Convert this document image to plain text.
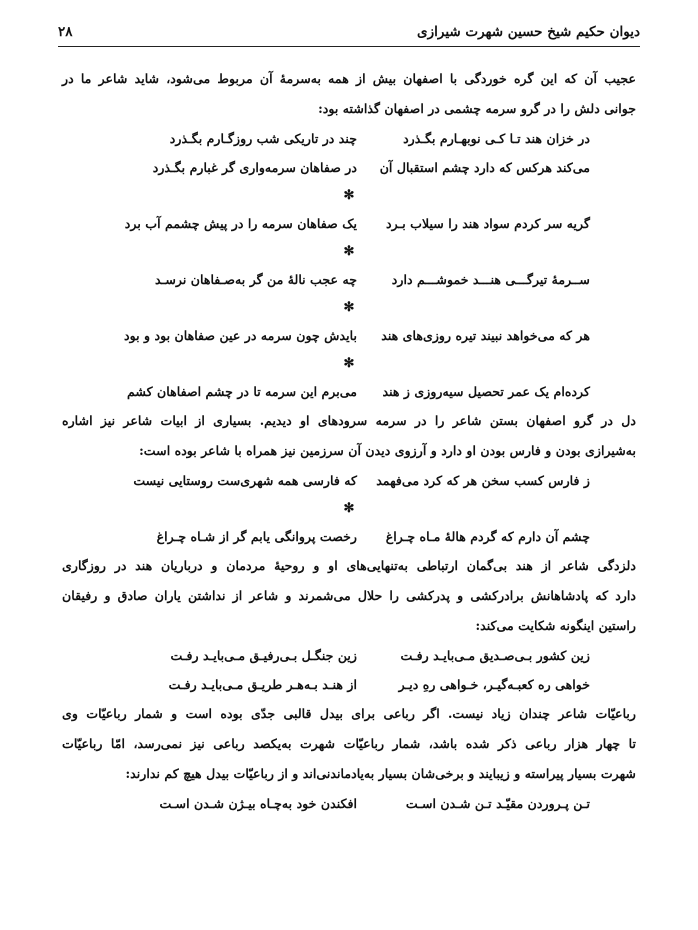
دیوان حکیم شیخ حسین شهرت شیرازی
۲۸

عجیب آن که این گره خوردگی با اصفهان بیش از همه به‌سرمهٔ آن مربوط می‌شود، شاید شاعر ما در
جوانی دلش را در گرو سرمه چشمی در اصفهان گذاشته بود:

در خزان هند تـا کـی نوبهـارم بگـذرد
چند در تاریکی شب روزگـارم بگـذرد
می‌کند هرکس که دارد چشم استقبال آن
در صفاهان سرمه‌واری گر غبارم بگـذرد
✻
گریه سر کردم سواد هند را سیلاب بـرد
یک صفاهان سرمه را در پیش چشمم آب برد
✻
ســرمهٔ تیرگـــی هنـــد خموشـــم دارد
چه عجب نالهٔ من گر به‌صـفاهان نرسـد
✻
هر که می‌خواهد نبیند تیره روزی‌های هند
بایدش چون سرمه در عین صفاهان بود و بود
✻
کرده‌ام یک عمر تحصیل سیه‌روزی ز هند
می‌برم این سرمه تا در چشم اصفاهان کشم

دل در گرو اصفهان بستن شاعر را در سرمه سرودهای او دیدیم. بسیاری از ابیات شاعر نیز اشاره
به‌شیرازی بودن و فارس بودن او دارد و آرزوی دیدن آن سرزمین نیز همراه با شاعر بوده است:

ز فارس کسب سخن هر که کرد می‌فهمد
که فارسی همه شهری‌ست روستایی نیست
✻
چشم آن دارم که گردم هالهٔ مـاه چـراغ
رخصت پروانگی یابم گر از شـاه چـراغ

دلزدگی شاعر از هند بی‌گمان ارتباطی به‌تنهایی‌های او و روحیهٔ مردمان و درباریان هند در روزگاری
دارد که پادشاهانش برادرکشی و پدرکشی را حلال می‌شمرند و شاعر از نداشتن یاران صادق و رفیقان
راستین اینگونه شکایت می‌کند:

زین کشور بـی‌صـدیق مـی‌بایـد رفـت
زین جنگـل بـی‌رفیـق مـی‌بایـد رفـت
خواهی ره کعبـه‌گیـر، خـواهی رهِ دیـر
از هنـد بـه‌هـر طریـق مـی‌بایـد رفـت

رباعیّات شاعر چندان زیاد نیست. اگر رباعی برای بیدل قالبی جدّی بوده است و شمار رباعیّات وی
تا چهار هزار رباعی ذکر شده باشد، شمار رباعیّات شهرت به‌یکصد رباعی نیز نمی‌رسد، امّا رباعیّات
شهرت بسیار پیراسته و زیبایند و برخی‌شان بسیار به‌یادماندنی‌اند و از رباعیّات بیدل هیچ کم ندارند:

تـن پـروردن مقیّـد تـن شـدن اسـت
افکندن خود به‌چـاه بیـژن شـدن اسـت
